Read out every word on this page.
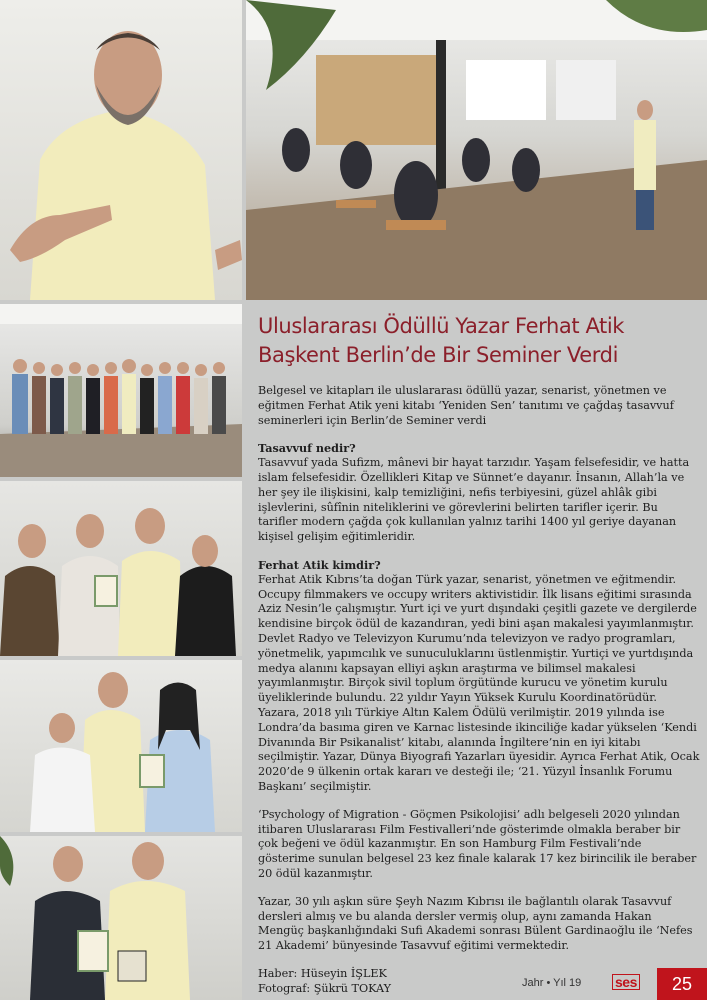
Uluslararası Ödüllü Yazar Ferhat Atik
Başkent Berlin’de Bir Seminer Verdi

Belgesel ve kitapları ile uluslararası ödüllü yazar, senarist, yönetmen ve eğitmen Ferhat Atik yeni kitabı ‘Yeniden Sen’ tanıtımı ve çağdaş tasavvuf seminerleri için Berlin’de Seminer verdi

Tasavvuf nedir?

Tasavvuf yada Sufizm, mânevi bir hayat tarzıdır. Yaşam felsefesidir, ve hatta islam felsefesidir. Özellikleri Kitap ve Sünnet’e dayanır. İnsanın, Allah’la ve her şey ile ilişkisini, kalp temizliğini, nefis terbiyesini, güzel ahlâk gibi işlevlerini, sûfînin niteliklerini ve görevlerini belirten tarifler içerir. Bu tarifler modern çağda çok kullanılan yalnız tarihi 1400 yıl geriye dayanan kişisel gelişim eğitimleridir.

Ferhat Atik kimdir?

Ferhat Atik Kıbrıs’ta doğan Türk yazar, senarist, yönetmen ve eğitmendir. Occupy filmmakers ve occupy writers aktivistidir. İlk lisans eğitimi sırasında Aziz Nesin’le çalışmıştır. Yurt içi ve yurt dışındaki çeşitli gazete ve dergilerde kendisine birçok ödül de kazandıran, yedi bini aşan makalesi yayımlanmıştır. Devlet Radyo ve Televizyon Kurumu’nda televizyon ve radyo programları, yönetmelik, yapımcılık ve sunuculuklarını üstlenmiştir. Yurtiçi ve yurtdışında medya alanını kapsayan elliyi aşkın araştırma ve bilimsel makalesi yayımlanmıştır. Birçok sivil toplum örgütünde kurucu ve yönetim kurulu üyeliklerinde bulundu. 22 yıldır Yayın Yüksek Kurulu Koordinatörüdür. Yazara, 2018 yılı Türkiye Altın Kalem Ödülü verilmiştir. 2019 yılında ise Londra’da basıma giren ve Karnac listesinde ikinciliğe kadar yükselen ‘Kendi Divanında Bir Psikanalist’ kitabı, alanında İngiltere’nin en iyi kitabı seçilmiştir. Yazar, Dünya Biyografi Yazarları üyesidir. Ayrıca Ferhat Atik, Ocak 2020’de 9 ülkenin ortak kararı ve desteği ile; ‘21. Yüzyıl İnsanlık Forumu Başkanı’ seçilmiştir.

‘Psychology of Migration - Göçmen Psikolojisi’ adlı belgeseli 2020 yılından itibaren Uluslararası Film Festivalleri’nde gösterimde olmakla beraber bir çok beğeni ve ödül kazanmıştır. En son Hamburg Film Festivali’nde gösterime sunulan belgesel 23 kez finale kalarak 17 kez birincilik ile beraber 20 ödül kazanmıştır.

Yazar, 30 yılı aşkın süre Şeyh Nazım Kıbrısı ile bağlantılı olarak Tasavvuf dersleri almış ve bu alanda dersler vermiş olup, aynı zamanda Hakan Mengüç başkanlığındaki Sufi Akademi sonrası Bülent Gardinaoğlu ile ‘Nefes 21 Akademi’ bünyesinde Tasavvuf eğitimi vermektedir.

Haber: Hüseyin İŞLEK

Fotograf: Şükrü TOKAY	Jahr • Yıl 19 ses	25
